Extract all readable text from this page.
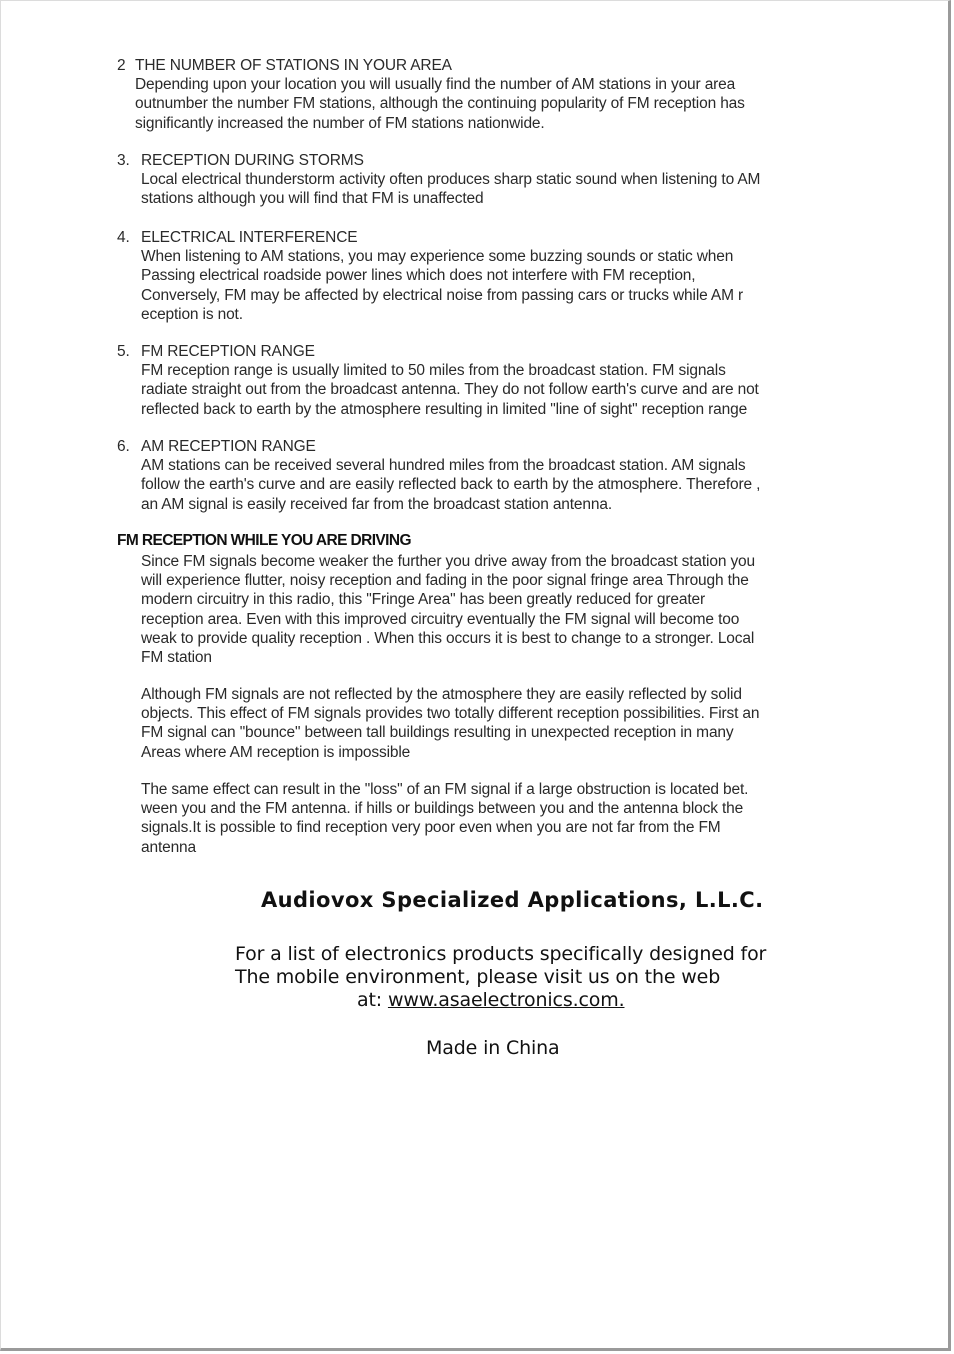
2 THE NUMBER OF STATIONS IN YOUR AREA
Depending upon your location you will usually find the number of AM stations in your area
outnumber the number FM stations, although the continuing popularity of FM reception has
significantly increased the number of FM stations nationwide.
3. RECEPTION DURING STORMS
Local electrical thunderstorm activity often produces sharp static sound when listening to AM
stations although you will find that FM is unaffected
4. ELECTRICAL INTERFERENCE
When listening to AM stations, you may experience some buzzing sounds or static when
Passing electrical roadside power lines which does not interfere with FM reception,
Conversely, FM may be affected by electrical noise from passing cars or trucks while AM r
eception is not.
5. FM RECEPTION RANGE
FM reception range is usually limited to 50 miles from the broadcast station. FM signals
radiate straight out from the broadcast antenna. They do not follow earth's curve and are not
reflected back to earth by the atmosphere resulting in limited "line of sight" reception range
6. AM RECEPTION RANGE
AM stations can be received several hundred miles from the broadcast station. AM signals
follow the earth's curve and are easily reflected back to earth by the atmosphere. Therefore ,
an AM signal is easily received far from the broadcast station antenna.
FM RECEPTION WHILE YOU ARE DRIVING
Since FM signals become weaker the further you drive away from the broadcast station you
will experience flutter, noisy reception and fading in the poor signal fringe area Through the
modern circuitry in this radio, this "Fringe Area" has been greatly reduced for greater
reception area. Even with this improved circuitry eventually the FM signal will become too
weak to provide quality reception . When this occurs it is best to change to a stronger. Local
FM station
Although FM signals are not reflected by the atmosphere they are easily reflected by solid
objects. This effect of FM signals provides two totally different reception possibilities. First an
FM signal can "bounce" between tall buildings resulting in unexpected reception in many
Areas where AM reception is impossible
The same effect can result in the "loss" of an FM signal if a large obstruction is located bet.
ween you and the FM antenna. if hills or buildings between you and the antenna block the
signals.It is possible to find reception very poor even when you are not far from the FM
antenna
Audiovox Specialized Applications, L.L.C.
For a list of electronics products specifically designed for
The mobile environment, please visit us on the web
at: www.asaelectronics.com.
Made in China
